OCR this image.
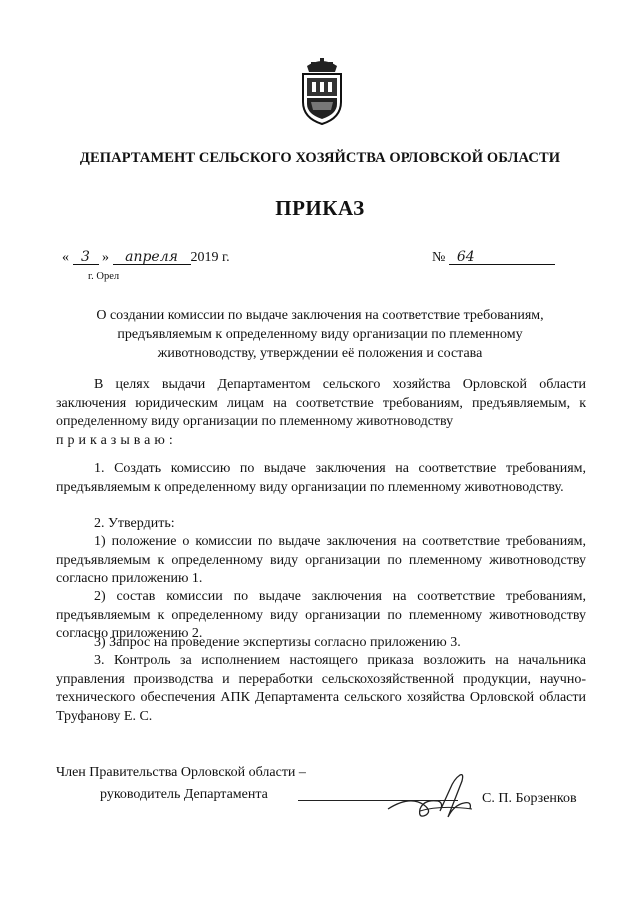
ДЕПАРТАМЕНТ СЕЛЬСКОГО ХОЗЯЙСТВА ОРЛОВСКОЙ ОБЛАСТИ
ПРИКАЗ
« 3 » апреля 2019 г.
г. Орел
№ 64
О создании комиссии по выдаче заключения на соответствие требованиям,
предъявляемым к определенному виду организации по племенному
животноводству, утверждении её положения и состава
В целях выдачи Департаментом сельского хозяйства Орловской области заключения юридическим лицам на соответствие требованиям, предъявляемым, к определенному виду организации по племенному животноводству
приказываю:
1. Создать комиссию по выдаче заключения на соответствие требованиям, предъявляемым к определенному виду организации по племенному животноводству.
2. Утвердить:
1) положение о комиссии по выдаче заключения на соответствие требованиям, предъявляемым к определенному виду организации по племенному животноводству согласно приложению 1.
2) состав комиссии по выдаче заключения на соответствие требованиям, предъявляемым к определенному виду организации по племенному животноводству согласно приложению 2.
3) Запрос на проведение экспертизы согласно приложению 3.
3. Контроль за исполнением настоящего приказа возложить на начальника управления производства и переработки сельскохозяйственной продукции, научно-технического обеспечения АПК Департамента сельского хозяйства Орловской области Труфанову Е. С.
Член Правительства Орловской области –
руководитель Департамента	С. П. Борзенков
